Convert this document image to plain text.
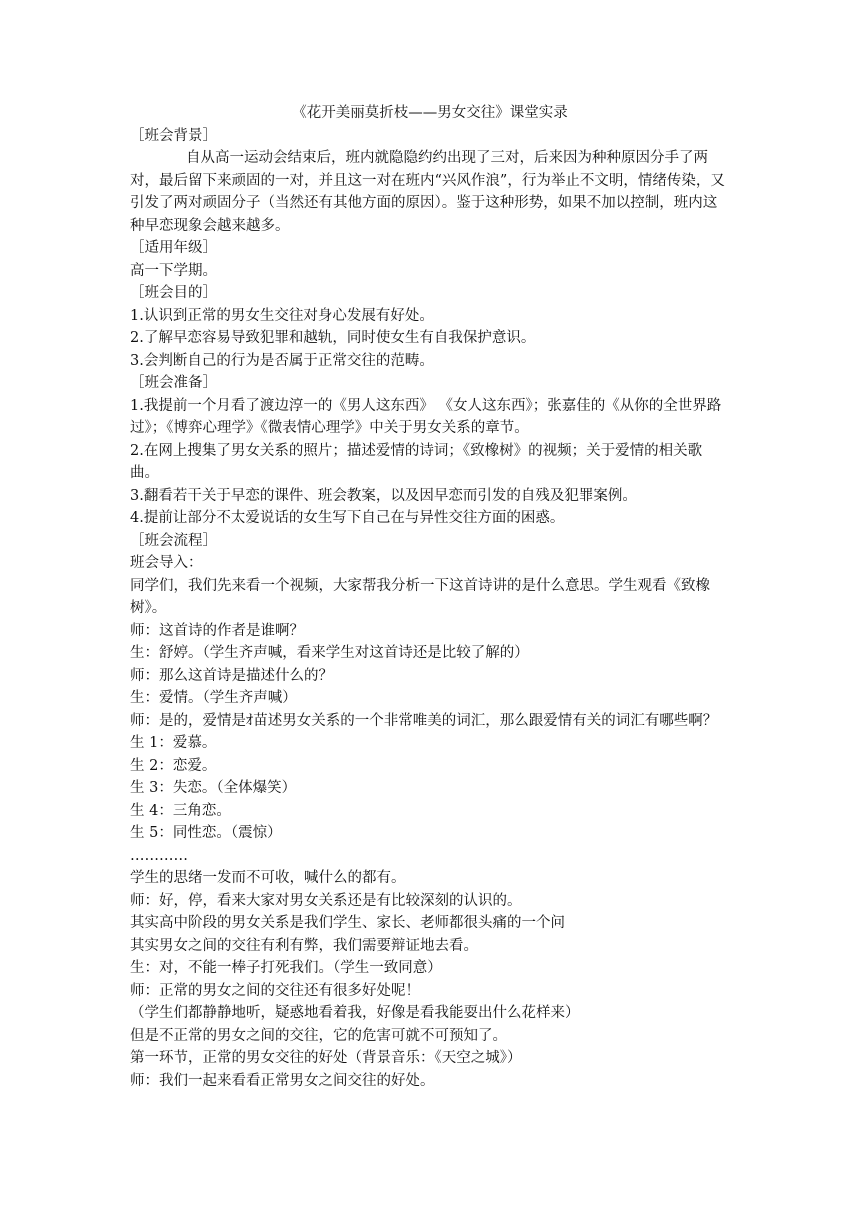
《花开美丽莫折枝——男女交往》课堂实录

［班会背景］

自从高一运动会结束后，班内就隐隐约约出现了三对，后来因为种种原因分手了两对，最后留下来顽固的一对，并且这一对在班内“兴风作浪”，行为举止不文明，情绪传染，又引发了两对顽固分子（当然还有其他方面的原因）。鉴于这种形势，如果不加以控制，班内这种早恋现象会越来越多。

［适用年级］

高一下学期。

［班会目的］

1.认识到正常的男女生交往对身心发展有好处。

2.了解早恋容易导致犯罪和越轨，同时使女生有自我保护意识。

3.会判断自己的行为是否属于正常交往的范畴。

［班会准备］

1.我提前一个月看了渡边淳一的《男人这东西》 《女人这东西》；张嘉佳的《从你的全世界路过》；《博弈心理学》《微表情心理学》中关于男女关系的章节。

2.在网上搜集了男女关系的照片；描述爱情的诗词；《致橡树》的视频；关于爱情的相关歌曲。

3.翻看若干关于早恋的课件、班会教案，以及因早恋而引发的自残及犯罪案例。

4.提前让部分不太爱说话的女生写下自己在与异性交往方面的困惑。

［班会流程］

班会导入：

同学们，我们先来看一个视频，大家帮我分析一下这首诗讲的是什么意思。学生观看《致橡树》。

师：这首诗的作者是谁啊？

生：舒婷。（学生齐声喊，看来学生对这首诗还是比较了解的）

师：那么这首诗是描述什么的？

生：爱情。（学生齐声喊）

师：是的，爱情是ｵ苗述男女关系的一个非常唯美的词汇，那么跟爱情有关的词汇有哪些啊？

生 1：爱慕。

生 2：恋爱。

生 3：失恋。（全体爆笑）

生 4：三角恋。

生 5：同性恋。（震惊）

…………

学生的思绪一发而不可收，喊什么的都有。

师：好，停，看来大家对男女关系还是有比较深刻的认识的。

其实高中阶段的男女关系是我们学生、家长、老师都很头痛的一个问

其实男女之间的交往有利有弊，我们需要辩证地去看。

生：对，不能一棒子打死我们。（学生一致同意）

师：正常的男女之间的交往还有很多好处呢！

（学生们都静静地听，疑惑地看着我，好像是看我能耍出什么花样来）

但是不正常的男女之间的交往，它的危害可就不可预知了。

第一环节，正常的男女交往的好处（背景音乐：《天空之城》）

师：我们一起来看看正常男女之间交往的好处。
